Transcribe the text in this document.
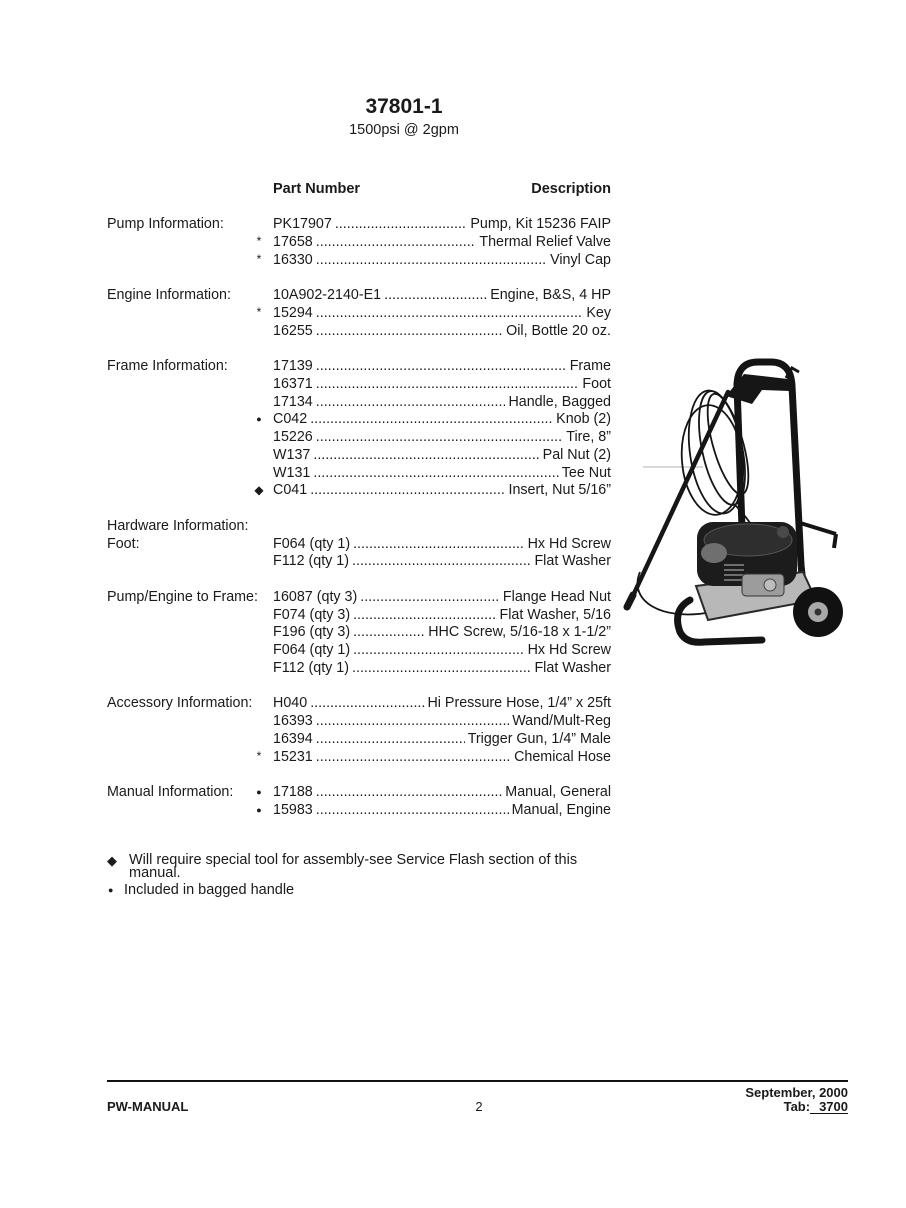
37801-1
1500psi @ 2gpm
Part Number	Description
Pump Information:	PK17907 .....	Pump, Kit 15236 FAIP
* 17658 .....	Thermal Relief Valve
* 16330 .....	Vinyl Cap
Engine Information:	10A902-2140-E1 .....	Engine, B&S, 4 HP
* 15294 .....	Key
16255 .....	Oil, Bottle 20 oz.
Frame Information:	17139 .....	Frame
16371 .....	Foot
17134 .....	Handle, Bagged
● C042 .....	Knob (2)
15226 .....	Tire, 8”
W137 .....	Pal Nut (2)
W131 .....	Tee Nut
◆ C041 .....	Insert, Nut 5/16”
Hardware Information:
Foot:	F064 (qty 1) .....	Hx Hd Screw
F112 (qty 1) .....	Flat Washer
Pump/Engine to Frame: 16087 (qty 3) .....	Flange Head Nut
F074 (qty 3) .....	Flat Washer, 5/16
F196 (qty 3) .....	HHC Screw, 5/16-18 x 1-1/2”
F064 (qty 1) .....	Hx Hd Screw
F112 (qty 1) .....	Flat Washer
Accessory Information: H040 .....	Hi Pressure Hose, 1/4” x 25ft
16393 .....	Wand/Mult-Reg
16394 .....	Trigger Gun, 1/4” Male
* 15231 .....	Chemical Hose
Manual Information:	● 17188 .....	Manual, General
● 15983 .....	Manual, Engine
◆ Will require special tool for assembly-see Service Flash section of this manual.
● Included in bagged handle
PW-MANUAL	2
September, 2000
Tab: 3700
